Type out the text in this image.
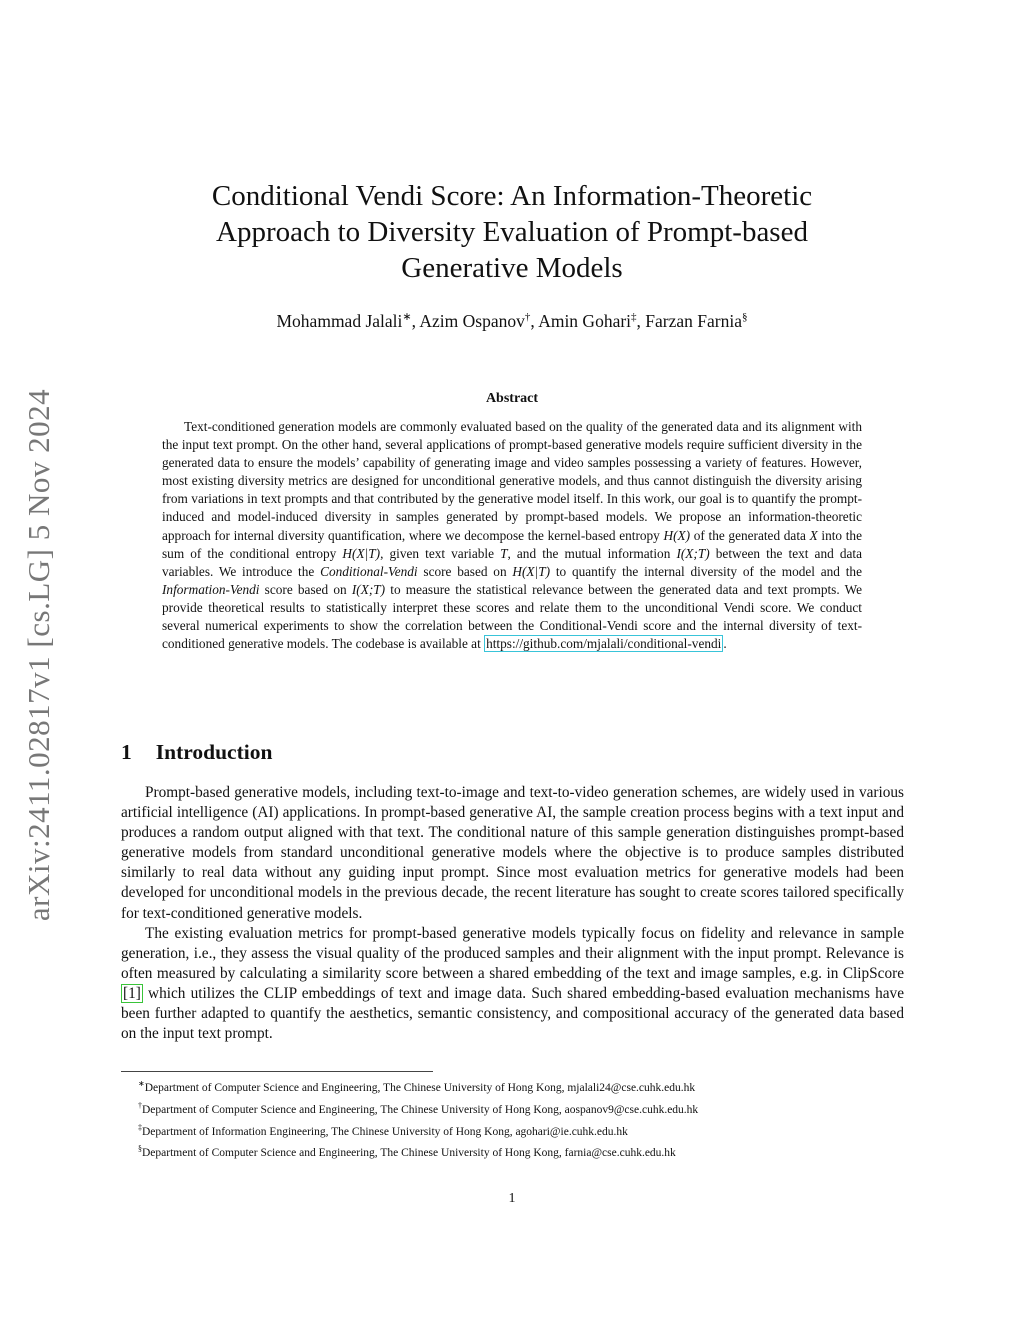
arXiv:2411.02817v1 [cs.LG] 5 Nov 2024
Conditional Vendi Score: An Information-Theoretic
Approach to Diversity Evaluation of Prompt-based
Generative Models
Mohammad Jalali∗, Azim Ospanov†, Amin Gohari‡, Farzan Farnia§
Abstract

Text-conditioned generation models are commonly evaluated based on the quality of the generated data and its alignment with the input text prompt. On the other hand, several applications of prompt-based generative models require sufficient diversity in the generated data to ensure the models’ capability of generating image and video samples possessing a variety of features. However, most existing diversity metrics are designed for unconditional generative models, and thus cannot distinguish the diversity arising from variations in text prompts and that contributed by the generative model itself. In this work, our goal is to quantify the prompt-induced and model-induced diversity in samples generated by prompt-based models. We propose an information-theoretic approach for internal diversity quantification, where we decompose the kernel-based entropy H(X) of the generated data X into the sum of the conditional entropy H(X|T), given text variable T, and the mutual information I(X;T) between the text and data variables. We introduce the Conditional-Vendi score based on H(X|T) to quantify the internal diversity of the model and the Information-Vendi score based on I(X;T) to measure the statistical relevance between the generated data and text prompts. We provide theoretical results to statistically interpret these scores and relate them to the unconditional Vendi score. We conduct several numerical experiments to show the correlation between the Conditional-Vendi score and the internal diversity of text-conditioned generative models. The codebase is available at https://github.com/mjalali/conditional-vendi .

1 Introduction

Prompt-based generative models, including text-to-image and text-to-video generation schemes, are widely used in various artificial intelligence (AI) applications. In prompt-based generative AI, the sample creation process begins with a text input and produces a random output aligned with that text. The conditional nature of this sample generation distinguishes prompt-based generative models from standard unconditional generative models where the objective is to produce samples distributed similarly to real data without any guiding input prompt. Since most evaluation metrics for generative models had been developed for unconditional models in the previous decade, the recent literature has sought to create scores tailored specifically for text-conditioned generative models.

The existing evaluation metrics for prompt-based generative models typically focus on fidelity and relevance in sample generation, i.e., they assess the visual quality of the produced samples and their alignment with the input prompt. Relevance is often measured by calculating a similarity score between a shared embedding of the text and image samples, e.g. in ClipScore [1] which utilizes the CLIP embeddings of text and image data. Such shared embedding-based evaluation mechanisms have been further adapted to quantify the aesthetics, semantic consistency, and compositional accuracy of the generated data based on the input text prompt.

∗Department of Computer Science and Engineering, The Chinese University of Hong Kong, mjalali24@cse.cuhk.edu.hk
†Department of Computer Science and Engineering, The Chinese University of Hong Kong, aospanov9@cse.cuhk.edu.hk
‡Department of Information Engineering, The Chinese University of Hong Kong, agohari@ie.cuhk.edu.hk
§Department of Computer Science and Engineering, The Chinese University of Hong Kong, farnia@cse.cuhk.edu.hk
1
